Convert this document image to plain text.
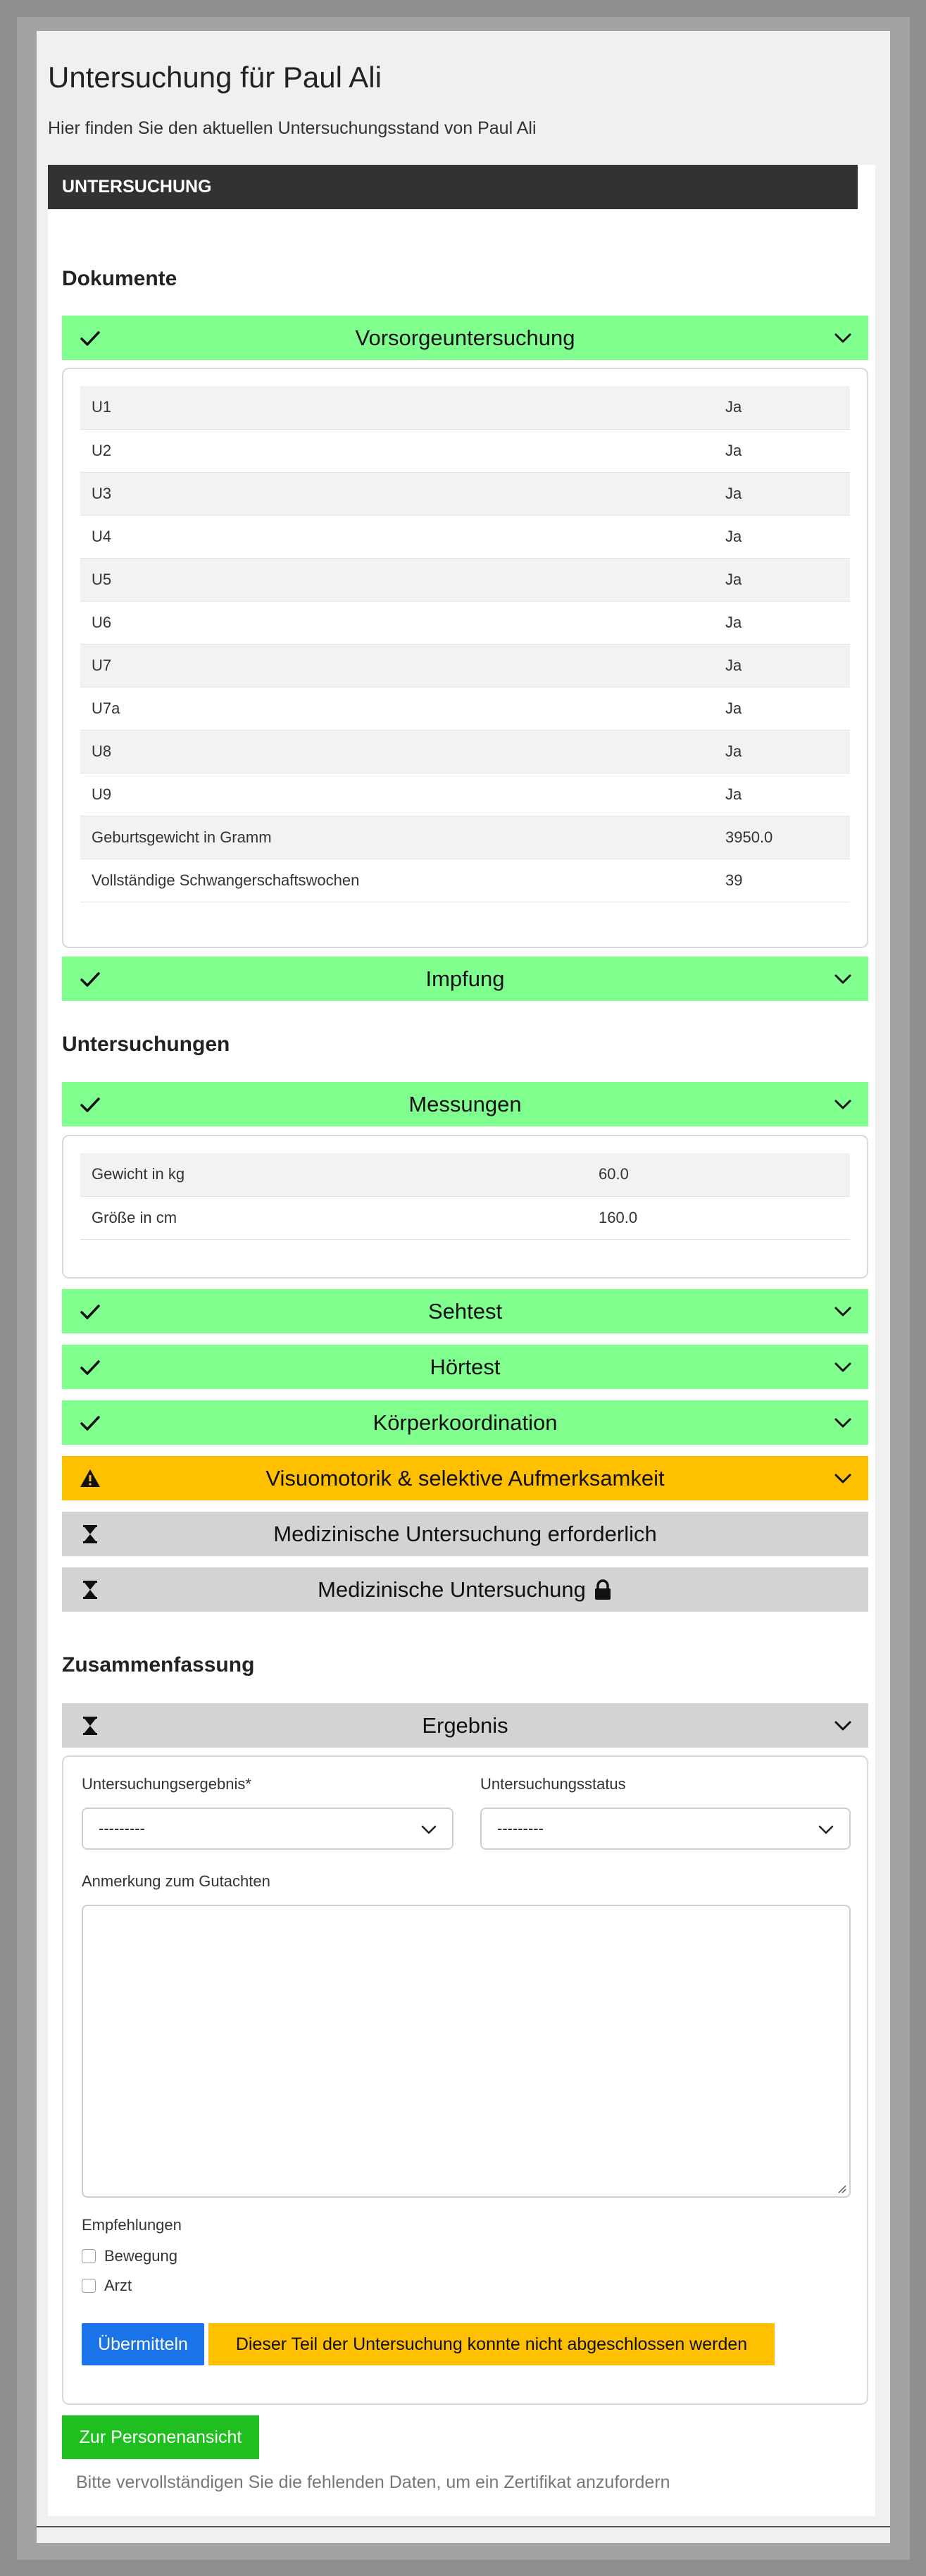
Untersuchung für Paul Ali

Hier finden Sie den aktuellen Untersuchungsstand von Paul Ali

UNTERSUCHUNG
Dokumente
Vorsorgeuntersuchung
U1	Ja
U2	Ja
U3	Ja
U4	Ja
U5	Ja
U6	Ja
U7	Ja
U7a	Ja
U8	Ja
U9	Ja
Geburtsgewicht in Gramm	3950.0
Vollständige Schwangerschaftswochen	39
Impfung
Untersuchungen
Messungen
Gewicht in kg	60.0
Größe in cm	160.0
Sehtest
Hörtest
Körperkoordination
Visuomotorik & selektive Aufmerksamkeit
Medizinische Untersuchung erforderlich
Medizinische Untersuchung
Zusammenfassung
Ergebnis
Untersuchungsergebnis*
---------
Untersuchungsstatus
---------
Anmerkung zum Gutachten
Empfehlungen
Bewegung
Arzt
Übermitteln	Dieser Teil der Untersuchung konnte nicht abgeschlossen werden
Zur Personenansicht
Bitte vervollständigen Sie die fehlenden Daten, um ein Zertifikat anzufordern
